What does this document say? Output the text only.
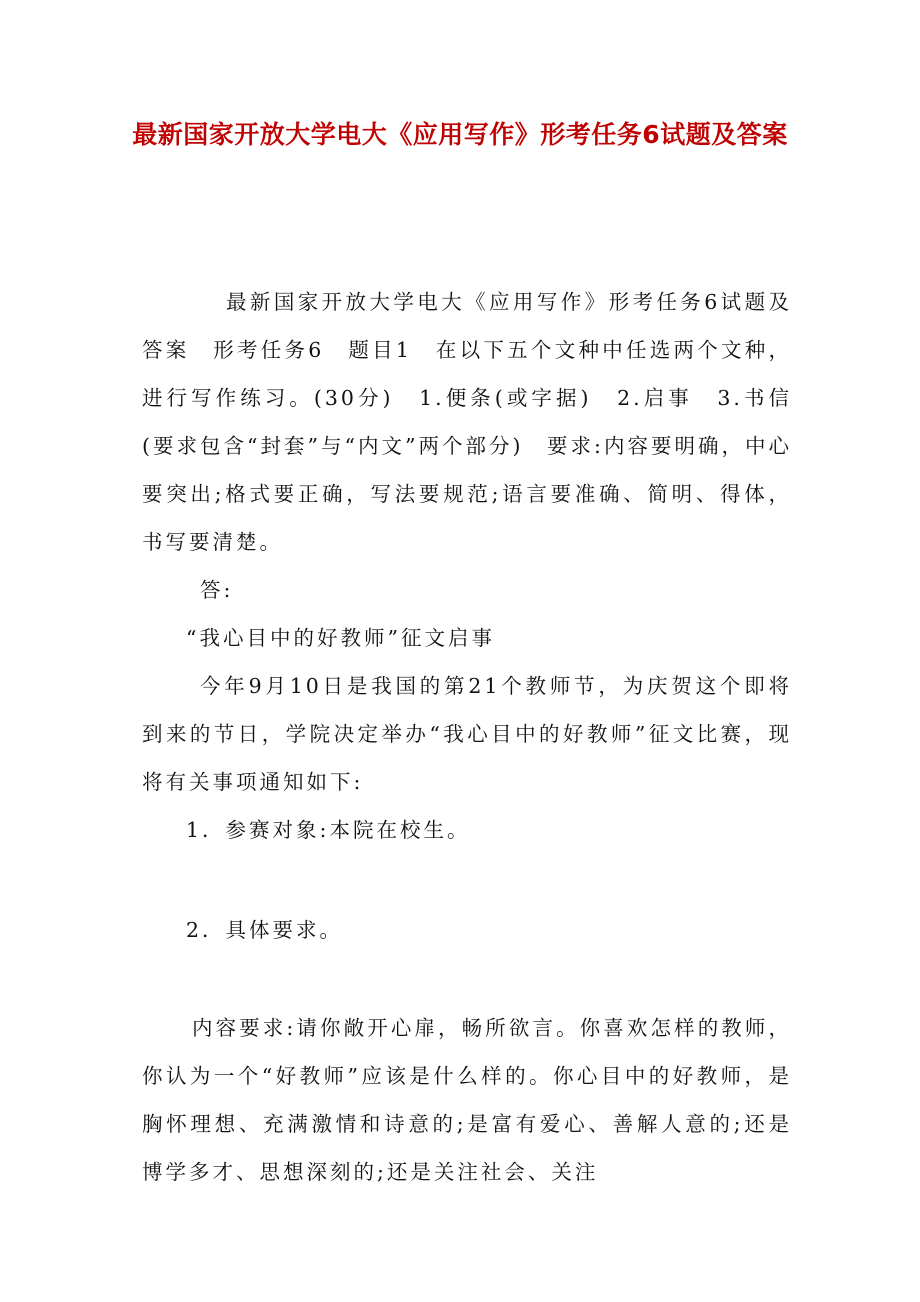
最新国家开放大学电大《应用写作》形考任务6试题及答案
最新国家开放大学电大《应用写作》形考任务6试题及答案　形考任务6　题目1　在以下五个文种中任选两个文种，进行写作练习。(30分)　1.便条(或字据)　2.启事　3.书信(要求包含“封套”与“内文”两个部分)　要求:内容要明确，中心要突出;格式要正确，写法要规范;语言要准确、简明、得体，书写要清楚。
答:
“我心目中的好教师”征文启事
今年9月10日是我国的第21个教师节，为庆贺这个即将到来的节日，学院决定举办“我心目中的好教师”征文比赛，现将有关事项通知如下:
1．参赛对象:本院在校生。
2．具体要求。
内容要求:请你敞开心扉，畅所欲言。你喜欢怎样的教师，你认为一个“好教师”应该是什么样的。你心目中的好教师，是胸怀理想、充满激情和诗意的;是富有爱心、善解人意的;还是博学多才、思想深刻的;还是关注社会、关注
